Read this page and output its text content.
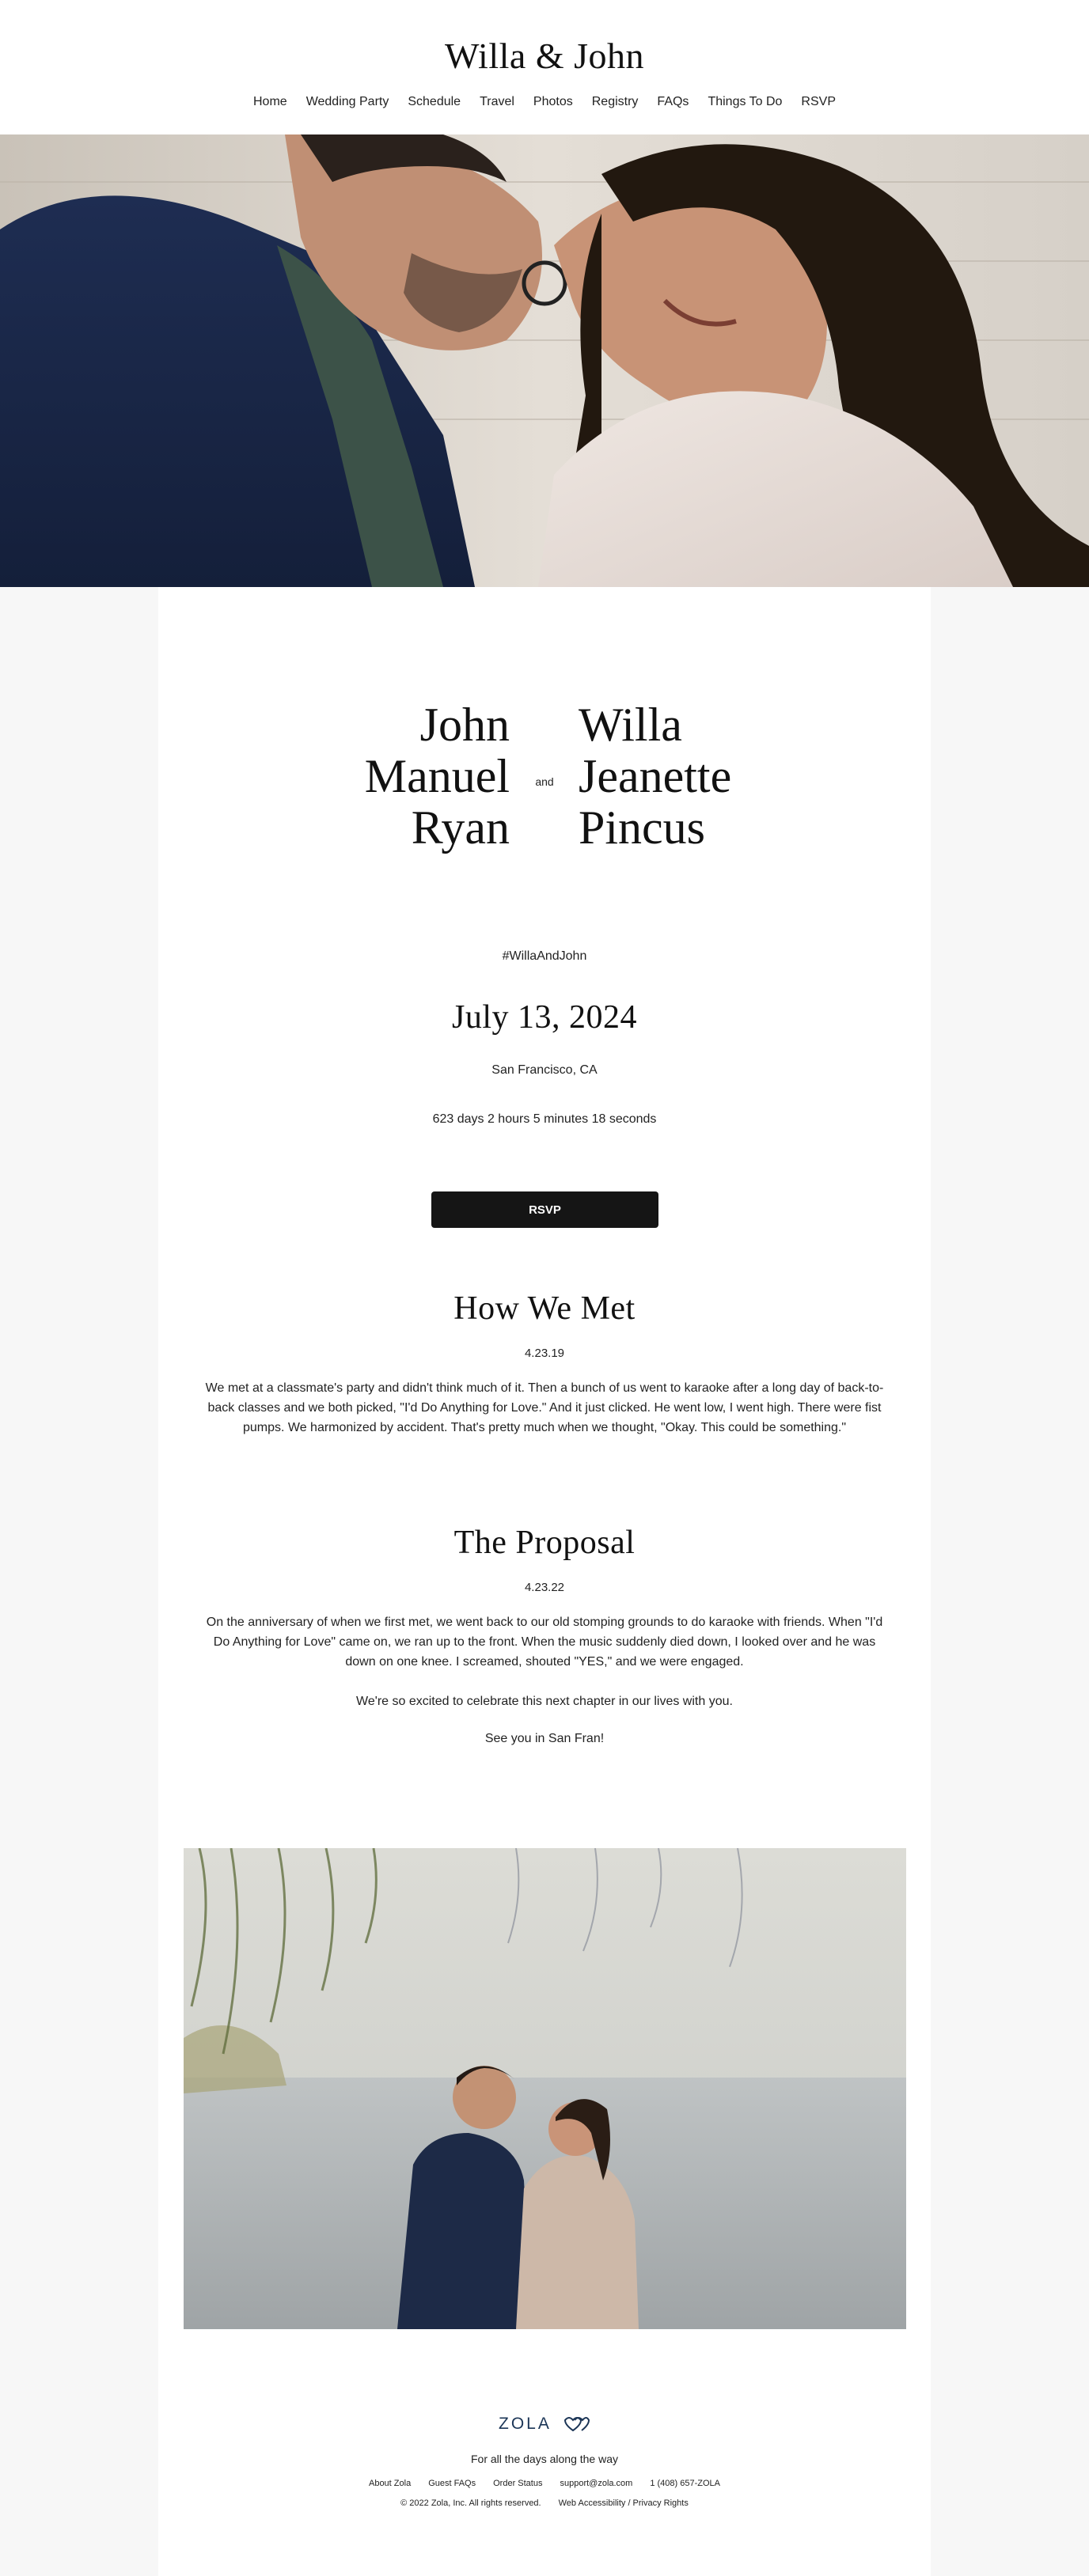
Willa & John
Home Wedding Party Schedule Travel Photos Registry FAQs Things To Do RSVP
John
Manuel
Ryan
and
Willa
Jeanette
Pincus
#WillaAndJohn
July 13, 2024
San Francisco, CA
623 days 2 hours 5 minutes 18 seconds
RSVP
How We Met
4.23.19
We met at a classmate's party and didn't think much of it. Then a bunch of us went to karaoke after a long day of back-to-back classes and we both picked, "I'd Do Anything for Love." And it just clicked. He went low, I went high. There were fist pumps. We harmonized by accident. That's pretty much when we thought, "Okay. This could be something."
The Proposal
4.23.22
On the anniversary of when we first met, we went back to our old stomping grounds to do karaoke with friends. When "I'd Do Anything for Love" came on, we ran up to the front. When the music suddenly died down, I looked over and he was down on one knee. I screamed, shouted "YES," and we were engaged.
We're so excited to celebrate this next chapter in our lives with you.
See you in San Fran!
ZOLA
For all the days along the way
About Zola Guest FAQs Order Status support@zola.com 1 (408) 657-ZOLA
© 2022 Zola, Inc. All rights reserved. Web Accessibility / Privacy Rights
